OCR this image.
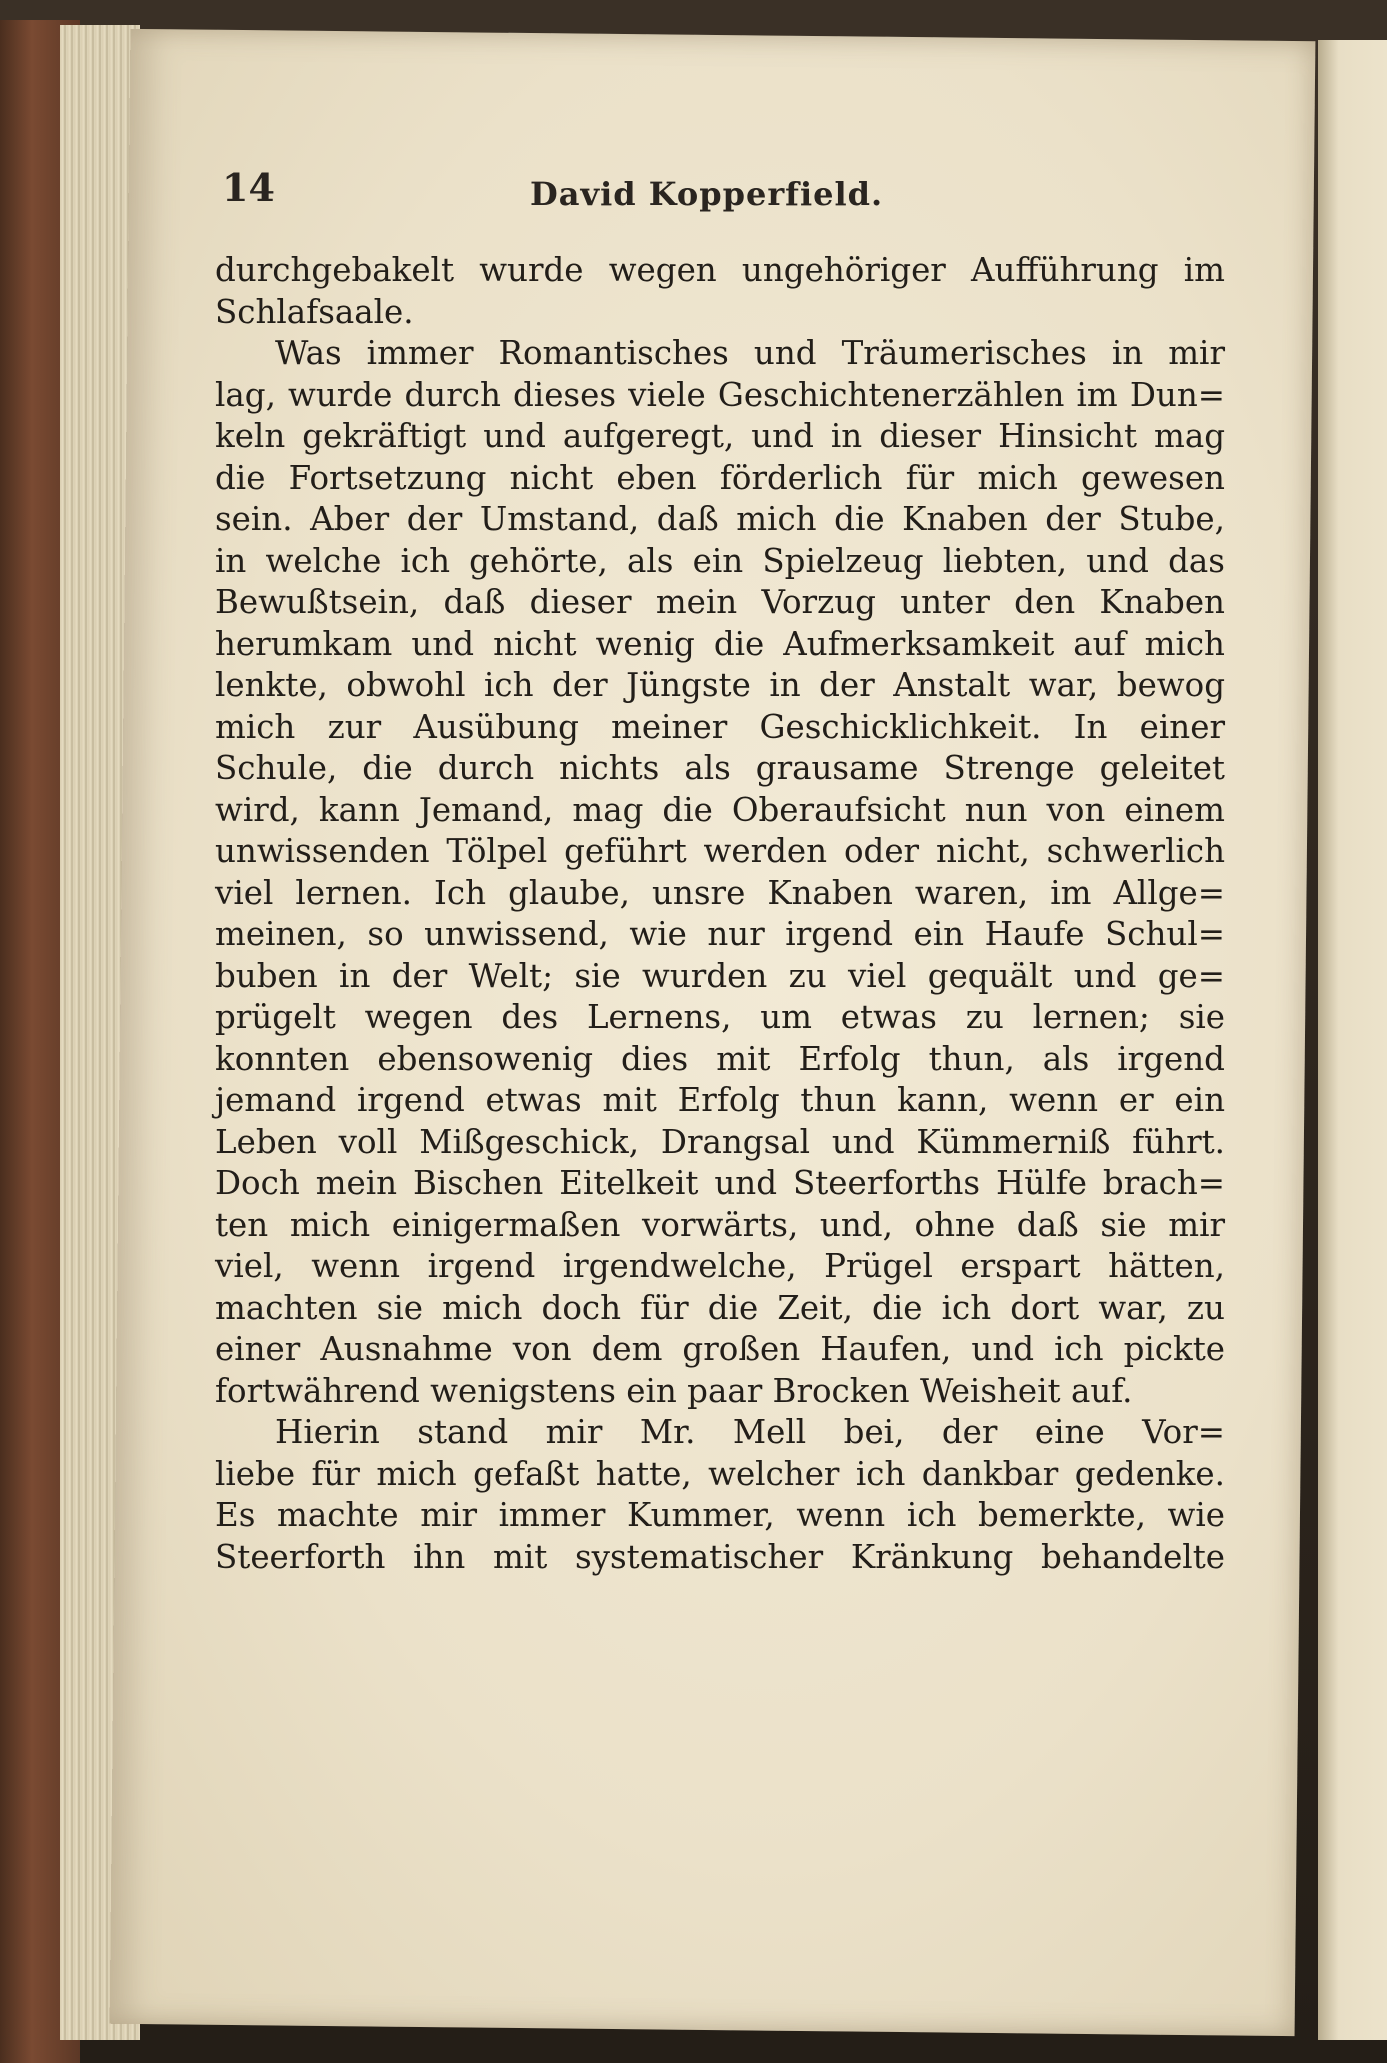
14	David Kopperfield.
durchgebakelt wurde wegen ungehöriger Aufführung im
Schlafsaale.
Was immer Romantisches und Träumerisches in mir
lag, wurde durch dieses viele Geschichtenerzählen im Dun=
keln gekräftigt und aufgeregt, und in dieser Hinsicht mag
die Fortsetzung nicht eben förderlich für mich gewesen
sein. Aber der Umstand, daß mich die Knaben der Stube,
in welche ich gehörte, als ein Spielzeug liebten, und das
Bewußtsein, daß dieser mein Vorzug unter den Knaben
herumkam und nicht wenig die Aufmerksamkeit auf mich
lenkte, obwohl ich der Jüngste in der Anstalt war, bewog
mich zur Ausübung meiner Geschicklichkeit. In einer
Schule, die durch nichts als grausame Strenge geleitet
wird, kann Jemand, mag die Oberaufsicht nun von einem
unwissenden Tölpel geführt werden oder nicht, schwerlich
viel lernen. Ich glaube, unsre Knaben waren, im Allge=
meinen, so unwissend, wie nur irgend ein Haufe Schul=
buben in der Welt; sie wurden zu viel gequält und ge=
prügelt wegen des Lernens, um etwas zu lernen; sie
konnten ebensowenig dies mit Erfolg thun, als irgend
jemand irgend etwas mit Erfolg thun kann, wenn er ein
Leben voll Mißgeschick, Drangsal und Kümmerniß führt.
Doch mein Bischen Eitelkeit und Steerforths Hülfe brach=
ten mich einigermaßen vorwärts, und, ohne daß sie mir
viel, wenn irgend irgendwelche, Prügel erspart hätten,
machten sie mich doch für die Zeit, die ich dort war, zu
einer Ausnahme von dem großen Haufen, und ich pickte
fortwährend wenigstens ein paar Brocken Weisheit auf.
Hierin stand mir Mr. Mell bei, der eine Vor=
liebe für mich gefaßt hatte, welcher ich dankbar gedenke.
Es machte mir immer Kummer, wenn ich bemerkte, wie
Steerforth ihn mit systematischer Kränkung behandelte
